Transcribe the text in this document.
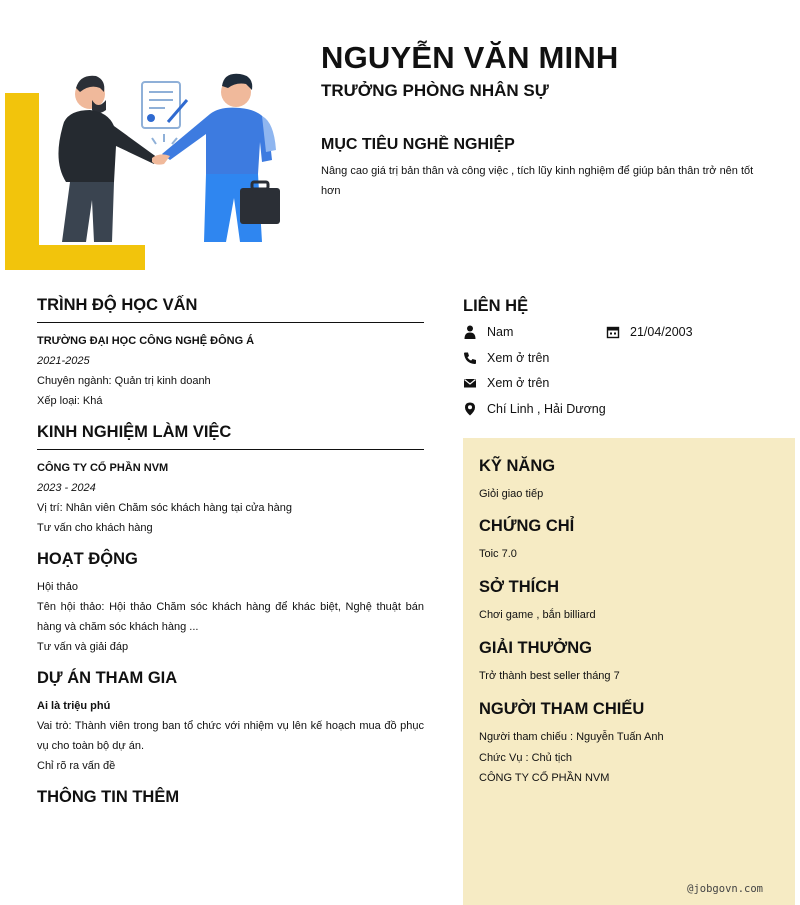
NGUYỄN VĂN MINH
TRƯỞNG PHÒNG NHÂN SỰ
MỤC TIÊU NGHỀ NGHIỆP

Nâng cao giá trị bản thân và công việc , tích lũy kinh nghiệm để giúp bản thân trở nên tốt hơn

TRÌNH ĐỘ HỌC VẤN
TRƯỜNG ĐẠI HỌC CÔNG NGHỆ ĐÔNG Á
2021-2025
Chuyên ngành: Quản trị kinh doanh
Xếp loại: Khá
KINH NGHIỆM LÀM VIỆC
CÔNG TY CỔ PHẦN NVM
2023 - 2024
Vị trí: Nhân viên Chăm sóc khách hàng tại cửa hàng
Tư vấn cho khách hàng
HOẠT ĐỘNG
Hội thảo
Tên hội thảo: Hội thảo Chăm sóc khách hàng để khác biệt, Nghệ thuật bán hàng và chăm sóc khách hàng ...
Tư vấn và giải đáp
DỰ ÁN THAM GIA
Ai là triệu phú
Vai trò: Thành viên trong ban tổ chức với nhiệm vụ lên kế hoạch mua đồ phục vụ cho toàn bộ dự án.
Chỉ rõ ra vấn đề
THÔNG TIN THÊM
LIÊN HỆ
Nam	21/04/2003
Xem ở trên
Xem ở trên
Chí Linh , Hải Dương
KỸ NĂNG
Giỏi giao tiếp
CHỨNG CHỈ
Toic 7.0
SỞ THÍCH
Chơi game , bắn billiard
GIẢI THƯỞNG
Trở thành best seller tháng 7
NGƯỜI THAM CHIẾU
Người tham chiếu : Nguyễn Tuấn Anh
Chức Vụ : Chủ tịch
CÔNG TY CỔ PHẦN NVM
@jobgovn.com
